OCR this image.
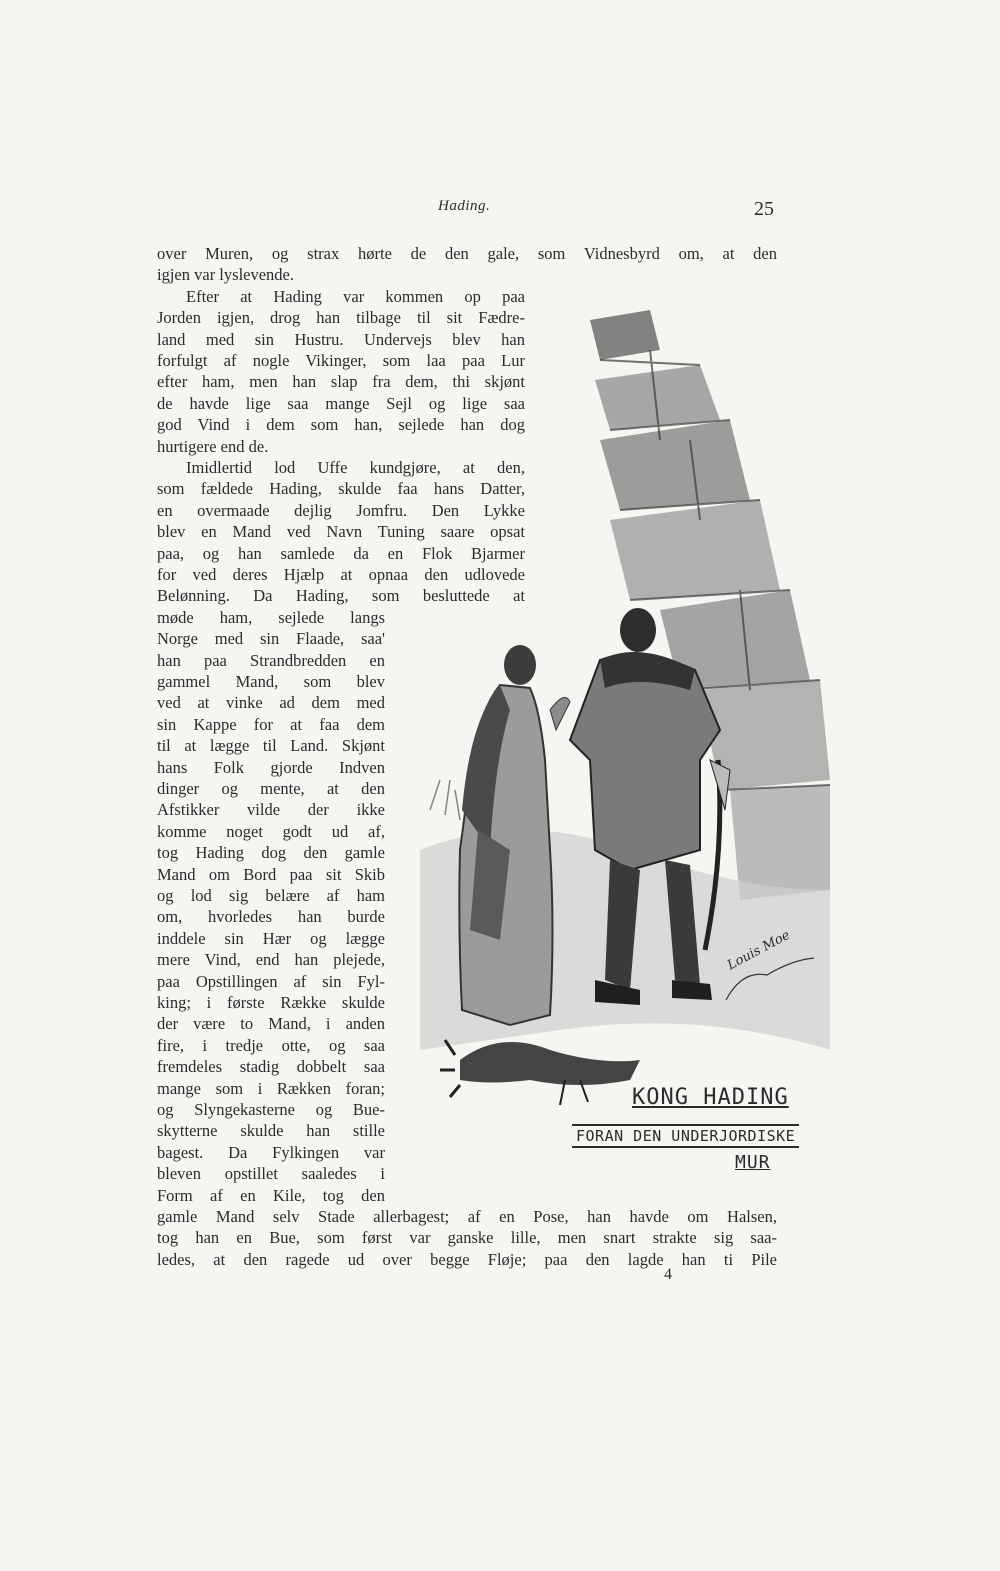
Hading.	25
over Muren, og strax hørte de den gale, som Vidnesbyrd om, at den
igjen var lyslevende.
Efter at Hading var kommen op paa
Jorden igjen, drog han tilbage til sit Fædre-
land med sin Hustru. Undervejs blev han
forfulgt af nogle Vikinger, som laa paa Lur
efter ham, men han slap fra dem, thi skjønt
de havde lige saa mange Sejl og lige saa
god Vind i dem som han, sejlede han dog
hurtigere end de.
Imidlertid lod Uffe kundgjøre, at den,
som fældede Hading, skulde faa hans Datter,
en overmaade dejlig Jomfru. Den Lykke
blev en Mand ved Navn Tuning saare opsat
paa, og han samlede da en Flok Bjarmer
for ved deres Hjælp at opnaa den udlovede
Belønning. Da Hading, som besluttede at
møde ham, sejlede langs
Norge med sin Flaade, saa'
han paa Strandbredden en
gammel Mand, som blev
ved at vinke ad dem med
sin Kappe for at faa dem
til at lægge til Land. Skjønt
hans Folk gjorde Indven
dinger og mente, at den
Afstikker vilde der ikke
komme noget godt ud af,
tog Hading dog den gamle
Mand om Bord paa sit Skib
og lod sig belære af ham
om, hvorledes han burde
inddele sin Hær og lægge
mere Vind, end han plejede,
paa Opstillingen af sin Fyl-
king; i første Række skulde
der være to Mand, i anden
fire, i tredje otte, og saa
fremdeles stadig dobbelt saa
mange som i Rækken foran;
og Slyngekasterne og Bue-
skytterne skulde han stille
bagest. Da Fylkingen var
bleven opstillet saaledes i
Form af en Kile, tog den
gamle Mand selv Stade allerbagest; af en Pose, han havde om Halsen,
tog han en Bue, som først var ganske lille, men snart strakte sig saa-
ledes, at den ragede ud over begge Fløje; paa den lagde han ti Pile
Louis Moe
KONG HADING
FORAN DEN UNDERJORDISKE
MUR
4
